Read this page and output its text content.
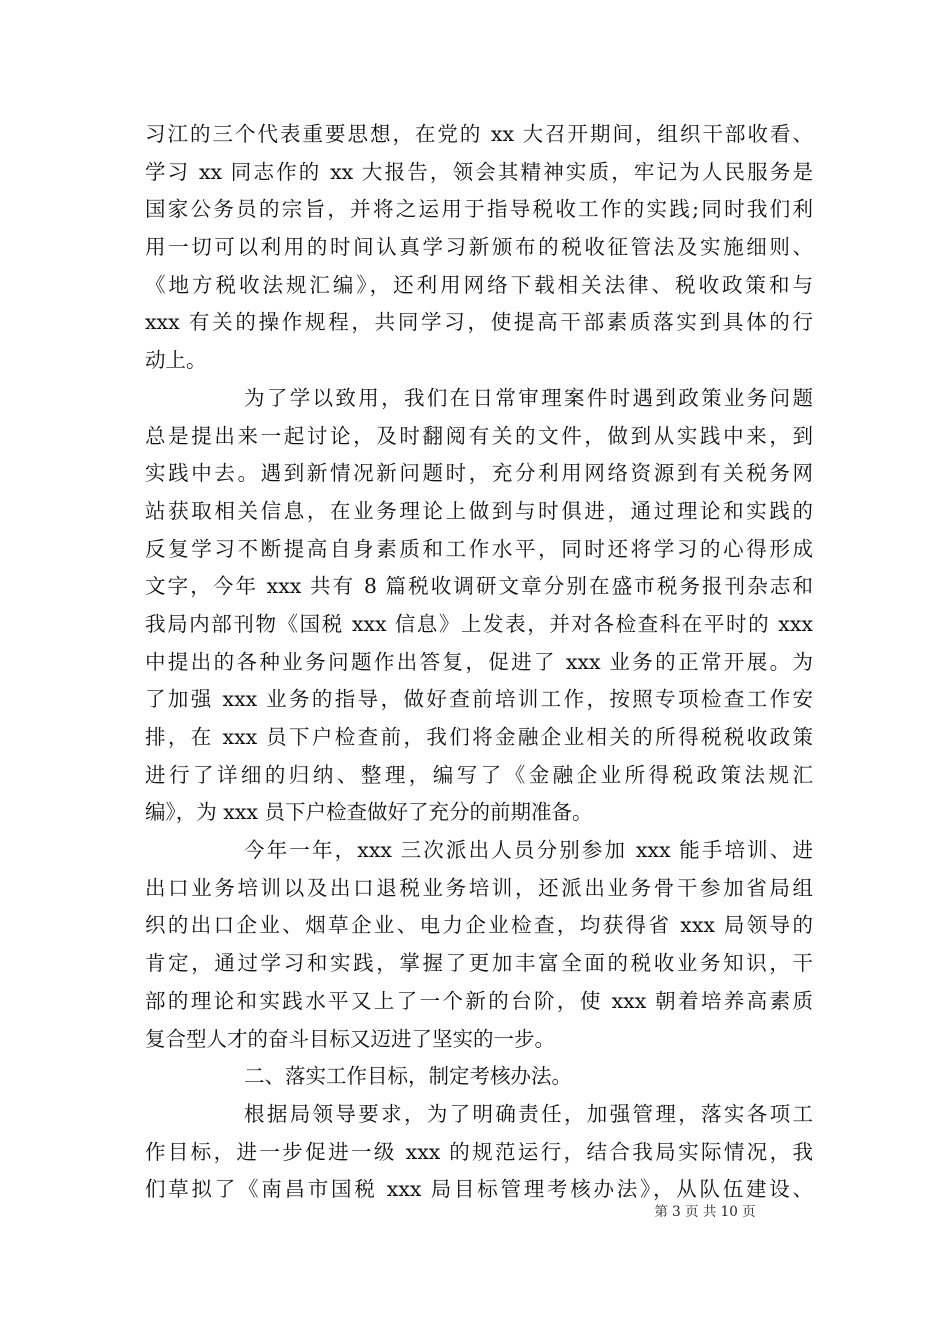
习江的三个代表重要思想，在党的 xx 大召开期间，组织干部收看、
学习 xx 同志作的 xx 大报告，领会其精神实质，牢记为人民服务是
国家公务员的宗旨，并将之运用于指导税收工作的实践;同时我们利
用一切可以利用的时间认真学习新颁布的税收征管法及实施细则、
《地方税收法规汇编》，还利用网络下载相关法律、税收政策和与
xxx 有关的操作规程，共同学习，使提高干部素质落实到具体的行
动上。
为了学以致用，我们在日常审理案件时遇到政策业务问题
总是提出来一起讨论，及时翻阅有关的文件，做到从实践中来，到
实践中去。遇到新情况新问题时，充分利用网络资源到有关税务网
站获取相关信息，在业务理论上做到与时俱进，通过理论和实践的
反复学习不断提高自身素质和工作水平，同时还将学习的心得形成
文字，今年 xxx 共有 8 篇税收调研文章分别在盛市税务报刊杂志和
我局内部刊物《国税 xxx 信息》上发表，并对各检查科在平时的 xxx
中提出的各种业务问题作出答复，促进了 xxx 业务的正常开展。为
了加强 xxx 业务的指导，做好查前培训工作，按照专项检查工作安
排，在 xxx 员下户检查前，我们将金融企业相关的所得税税收政策
进行了详细的归纳、整理，编写了《金融企业所得税政策法规汇
编》，为 xxx 员下户检查做好了充分的前期准备。
今年一年，xxx 三次派出人员分别参加 xxx 能手培训、进
出口业务培训以及出口退税业务培训，还派出业务骨干参加省局组
织的出口企业、烟草企业、电力企业检查，均获得省 xxx 局领导的
肯定，通过学习和实践，掌握了更加丰富全面的税收业务知识，干
部的理论和实践水平又上了一个新的台阶，使 xxx 朝着培养高素质
复合型人才的奋斗目标又迈进了坚实的一步。
二、落实工作目标，制定考核办法。
根据局领导要求，为了明确责任，加强管理，落实各项工
作目标，进一步促进一级 xxx 的规范运行，结合我局实际情况，我
们草拟了《南昌市国税 xxx 局目标管理考核办法》，从队伍建设、
第 3 页 共 10 页
